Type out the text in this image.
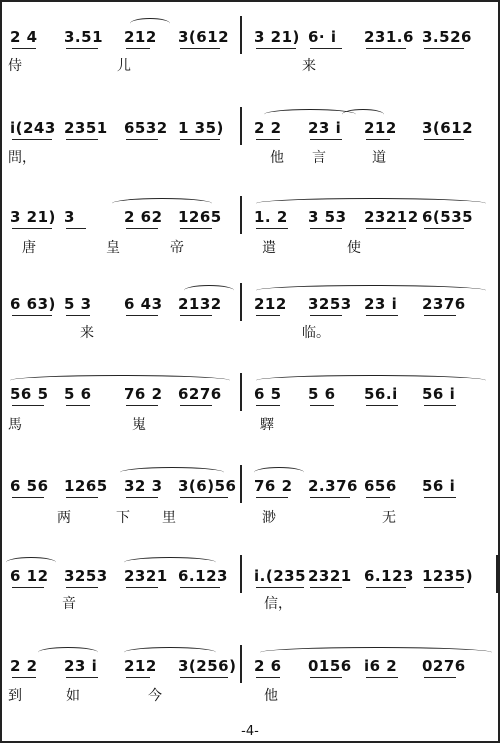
2 4 3.51 212 3(612 3 21) 6· i 231.6 3.526
侍	儿	来
i(243 2351 6532 1 35) 2 2 23 i 212 3(612
問，	他 言	道
3 21) 3	2 62 1265 1. 2 3 53 23212 6(535
唐	皇	帝	遣	使
6 63) 5 3 6 43 2132 212 3253 23 i 2376
来	临。
56 5 5 6 76 2 6276 6 5 5 6 56.i 56 i
馬	嵬	驛
6 56 1265 32 3 3(6)56 76 2 2.376 656 56 i
两	下 里	渺	无
6 12 3253 2321 6.123 i.(235 2321 6.123 1235)
音	信，
2 2 23 i 212 3(256) 2 6 0156 i6 2 0276
到	如	今	他
-4-
